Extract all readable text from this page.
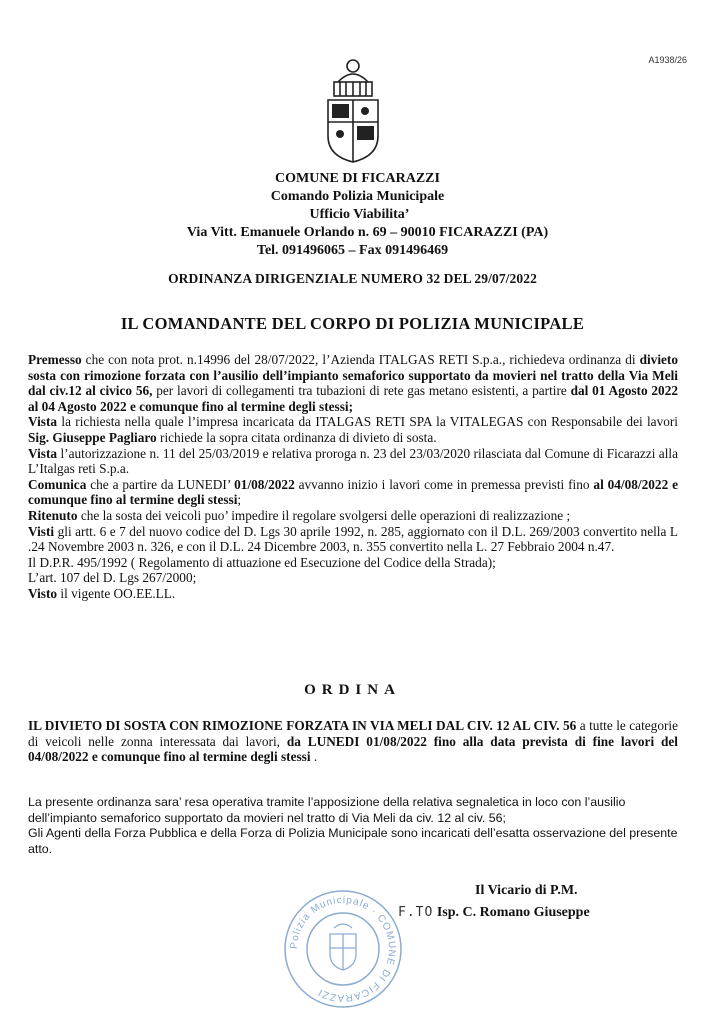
A1938/26
COMUNE DI FICARAZZI
Comando Polizia Municipale
Ufficio Viabilita’
Via Vitt. Emanuele Orlando n. 69 – 90010 FICARAZZI (PA)
Tel. 091496065 – Fax 091496469
ORDINANZA DIRIGENZIALE NUMERO 32 DEL 29/07/2022
IL COMANDANTE DEL CORPO DI POLIZIA MUNICIPALE

Premesso che con nota prot. n.14996 del 28/07/2022, l’Azienda ITALGAS RETI S.p.a., richiedeva ordinanza di divieto sosta con rimozione forzata con l’ausilio dell’impianto semaforico supportato da movieri nel tratto della Via Meli dal civ.12 al civico 56, per lavori di collegamenti tra tubazioni di rete gas metano esistenti, a partire dal 01 Agosto 2022 al 04 Agosto 2022 e comunque fino al termine degli stessi;

Vista la richiesta nella quale l’impresa incaricata da ITALGAS RETI SPA la VITALEGAS con Responsabile dei lavori Sig. Giuseppe Pagliaro richiede la sopra citata ordinanza di divieto di sosta.

Vista l’autorizzazione n. 11 del 25/03/2019 e relativa proroga n. 23 del 23/03/2020 rilasciata dal Comune di Ficarazzi alla L’Italgas reti S.p.a.

Comunica che a partire da LUNEDI’ 01/08/2022 avvanno inizio i lavori come in premessa previsti fino al 04/08/2022 e comunque fino al termine degli stessi;

Ritenuto che la sosta dei veicoli puo’ impedire il regolare svolgersi delle operazioni di realizzazione ;

Visti gli artt. 6 e 7 del nuovo codice del D. Lgs 30 aprile 1992, n. 285, aggiornato con il D.L. 269/2003 convertito nella L .24 Novembre 2003 n. 326, e con il D.L. 24 Dicembre 2003, n. 355 convertito nella L. 27 Febbraio 2004 n.47.

Il D.P.R. 495/1992 ( Regolamento di attuazione ed Esecuzione del Codice della Strada);

L’art. 107 del D. Lgs 267/2000;

Visto il vigente OO.EE.LL.

ORDINA

IL DIVIETO DI SOSTA CON RIMOZIONE FORZATA IN VIA MELI DAL CIV. 12 AL CIV. 56 a tutte le categorie di veicoli nelle zonna interessata dai lavori, da LUNEDI 01/08/2022 fino alla data prevista di fine lavori del 04/08/2022 e comunque fino al termine degli stessi .

La presente ordinanza sara’ resa operativa tramite l’apposizione della relativa segnaletica in loco con l’ausilio dell’impianto semaforico supportato da movieri nel tratto di Via Meli da civ. 12 al civ. 56;

Gli Agenti della Forza Pubblica e della Forza di Polizia Municipale sono incaricati dell’esatta osservazione del presente atto.

Il Vicario di P.M.
F.TO Isp. C. Romano Giuseppe
Polizia Municipale · COMUNE DI FICARAZZI
